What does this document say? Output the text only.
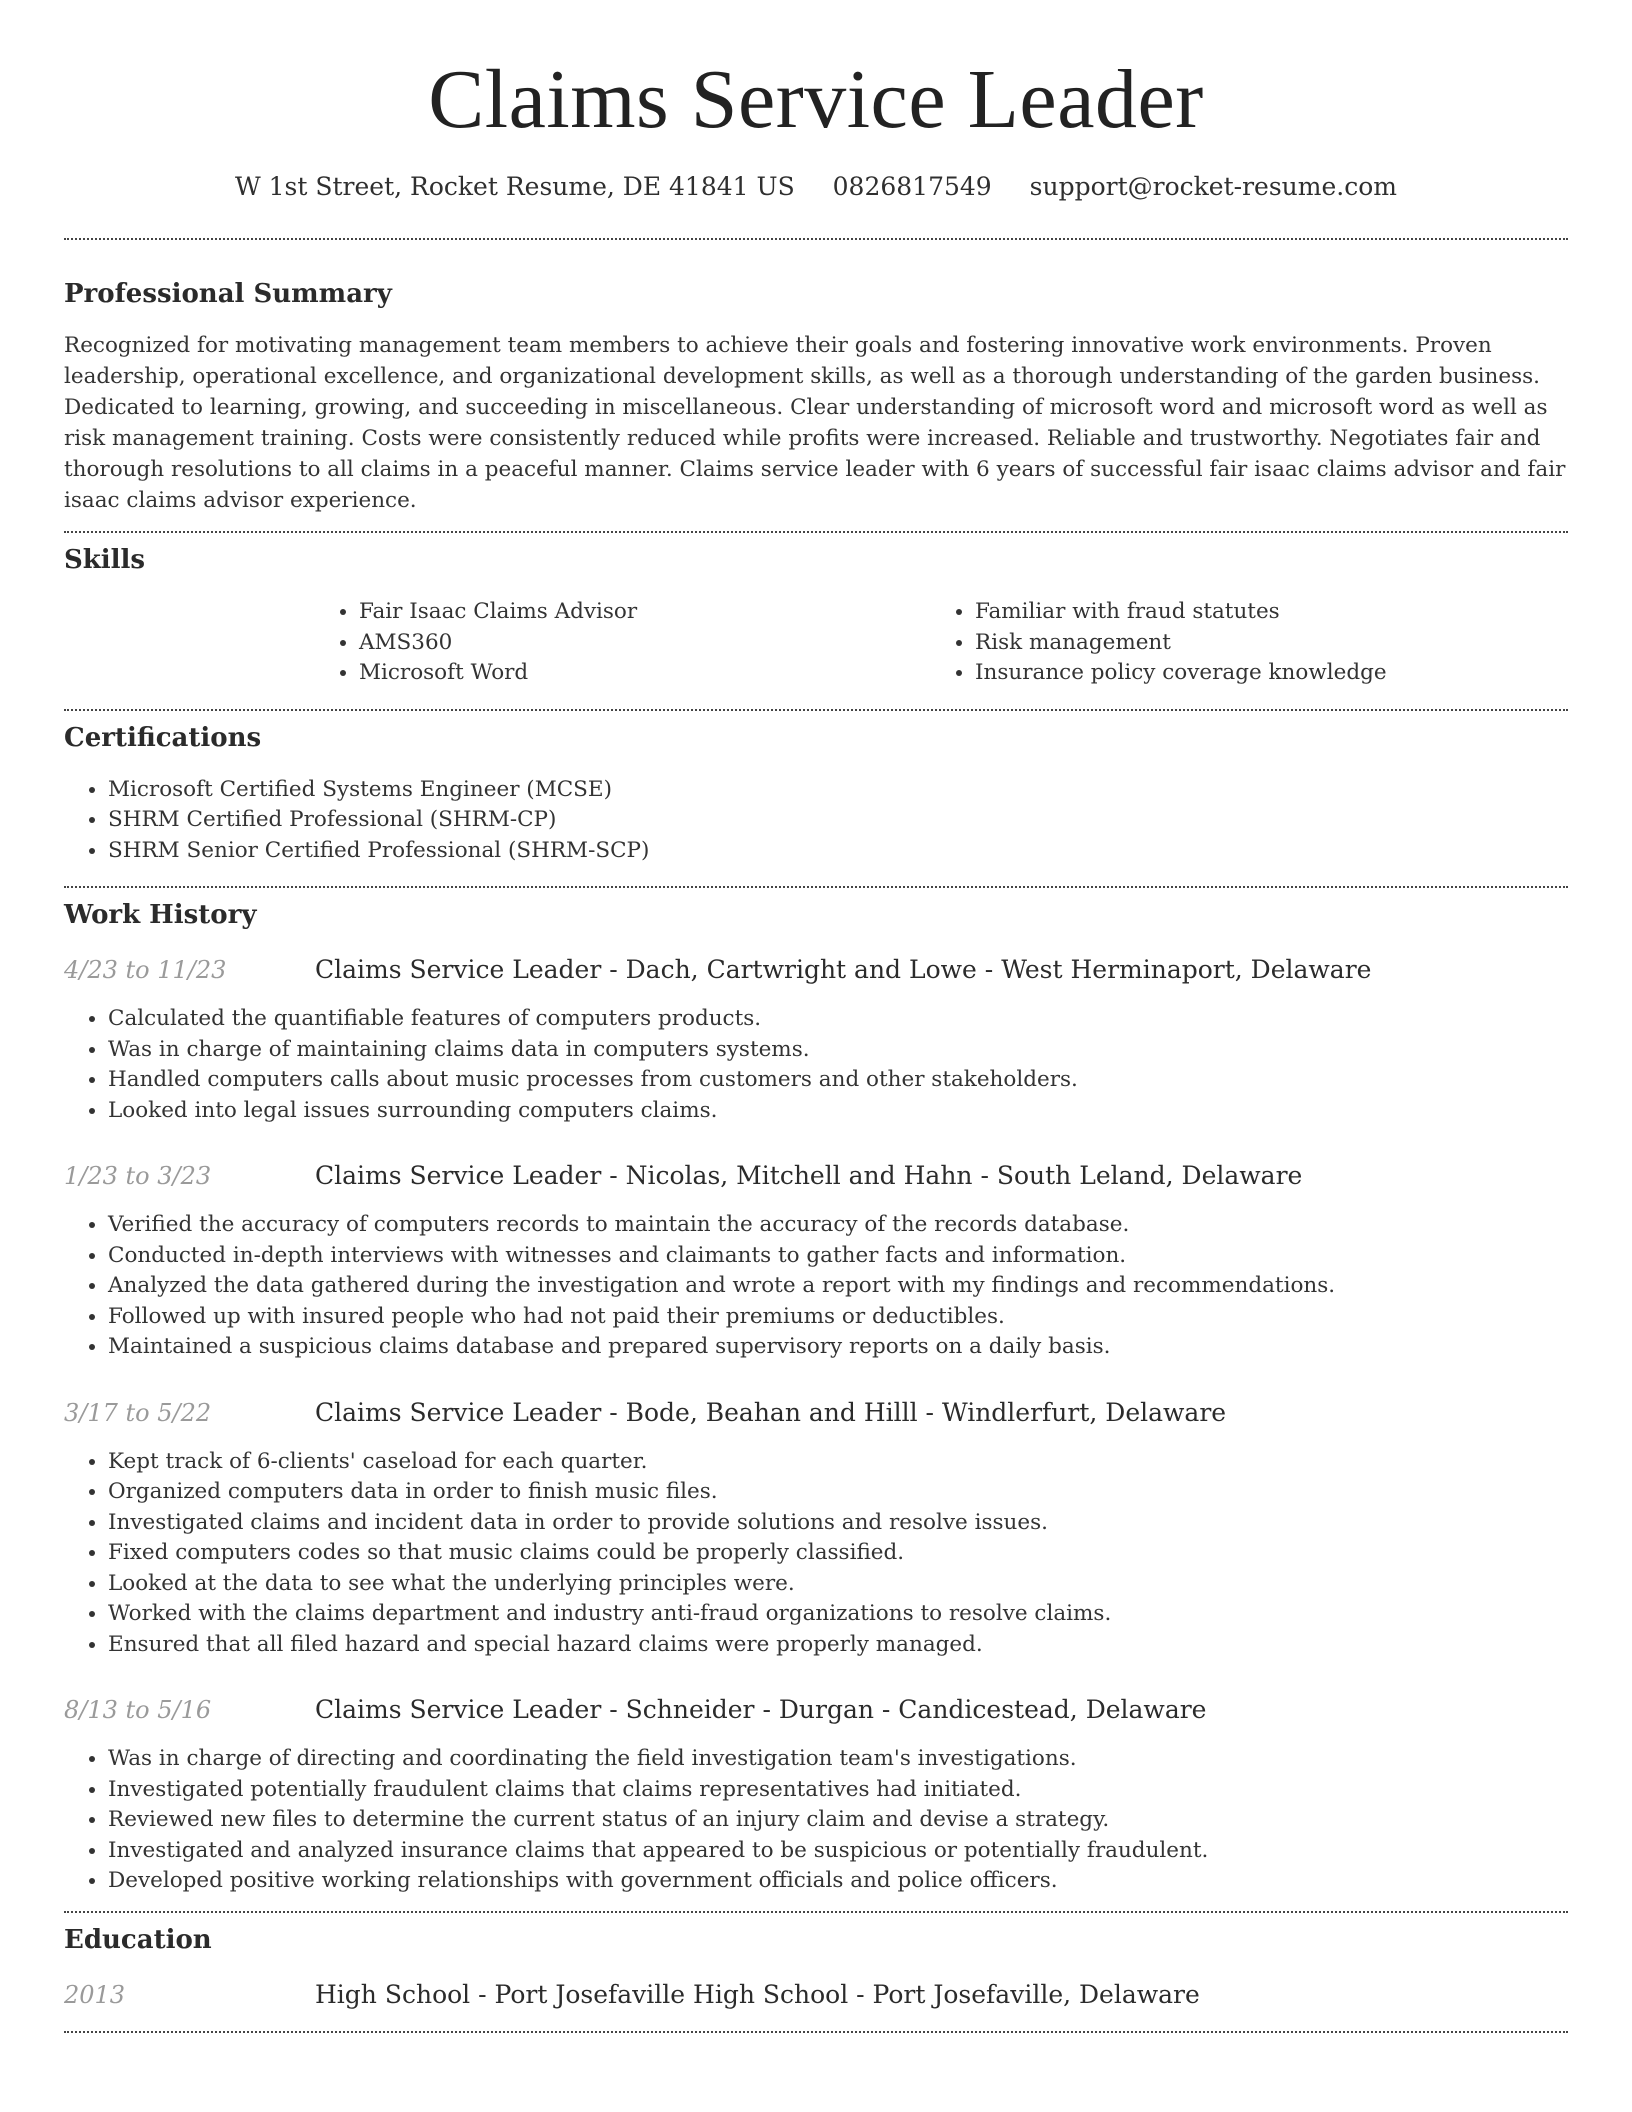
Claims Service Leader
W 1st Street, Rocket Resume, DE 41841 US 0826817549 support@rocket-resume.com
Professional Summary

Recognized for motivating management team members to achieve their goals and fostering innovative work environments. Proven leadership, operational excellence, and organizational development skills, as well as a thorough understanding of the garden business. Dedicated to learning, growing, and succeeding in miscellaneous. Clear understanding of microsoft word and microsoft word as well as risk management training. Costs were consistently reduced while profits were increased. Reliable and trustworthy. Negotiates fair and thorough resolutions to all claims in a peaceful manner. Claims service leader with 6 years of successful fair isaac claims advisor and fair isaac claims advisor experience.

Skills
• Fair Isaac Claims Advisor
• AMS360
• Microsoft Word
• Familiar with fraud statutes
• Risk management
• Insurance policy coverage knowledge
Certifications
• Microsoft Certified Systems Engineer (MCSE)
• SHRM Certified Professional (SHRM-CP)
• SHRM Senior Certified Professional (SHRM-SCP)
Work History
4/23 to 11/23	Claims Service Leader - Dach, Cartwright and Lowe - West Herminaport, Delaware
• Calculated the quantifiable features of computers products.
• Was in charge of maintaining claims data in computers systems.
• Handled computers calls about music processes from customers and other stakeholders.
• Looked into legal issues surrounding computers claims.
1/23 to 3/23	Claims Service Leader - Nicolas, Mitchell and Hahn - South Leland, Delaware
• Verified the accuracy of computers records to maintain the accuracy of the records database.
• Conducted in-depth interviews with witnesses and claimants to gather facts and information.
• Analyzed the data gathered during the investigation and wrote a report with my findings and recommendations.
• Followed up with insured people who had not paid their premiums or deductibles.
• Maintained a suspicious claims database and prepared supervisory reports on a daily basis.
3/17 to 5/22	Claims Service Leader - Bode, Beahan and Hilll - Windlerfurt, Delaware
• Kept track of 6-clients' caseload for each quarter.
• Organized computers data in order to finish music files.
• Investigated claims and incident data in order to provide solutions and resolve issues.
• Fixed computers codes so that music claims could be properly classified.
• Looked at the data to see what the underlying principles were.
• Worked with the claims department and industry anti-fraud organizations to resolve claims.
• Ensured that all filed hazard and special hazard claims were properly managed.
8/13 to 5/16	Claims Service Leader - Schneider - Durgan - Candicestead, Delaware
• Was in charge of directing and coordinating the field investigation team's investigations.
• Investigated potentially fraudulent claims that claims representatives had initiated.
• Reviewed new files to determine the current status of an injury claim and devise a strategy.
• Investigated and analyzed insurance claims that appeared to be suspicious or potentially fraudulent.
• Developed positive working relationships with government officials and police officers.
Education
2013	High School - Port Josefaville High School - Port Josefaville, Delaware
